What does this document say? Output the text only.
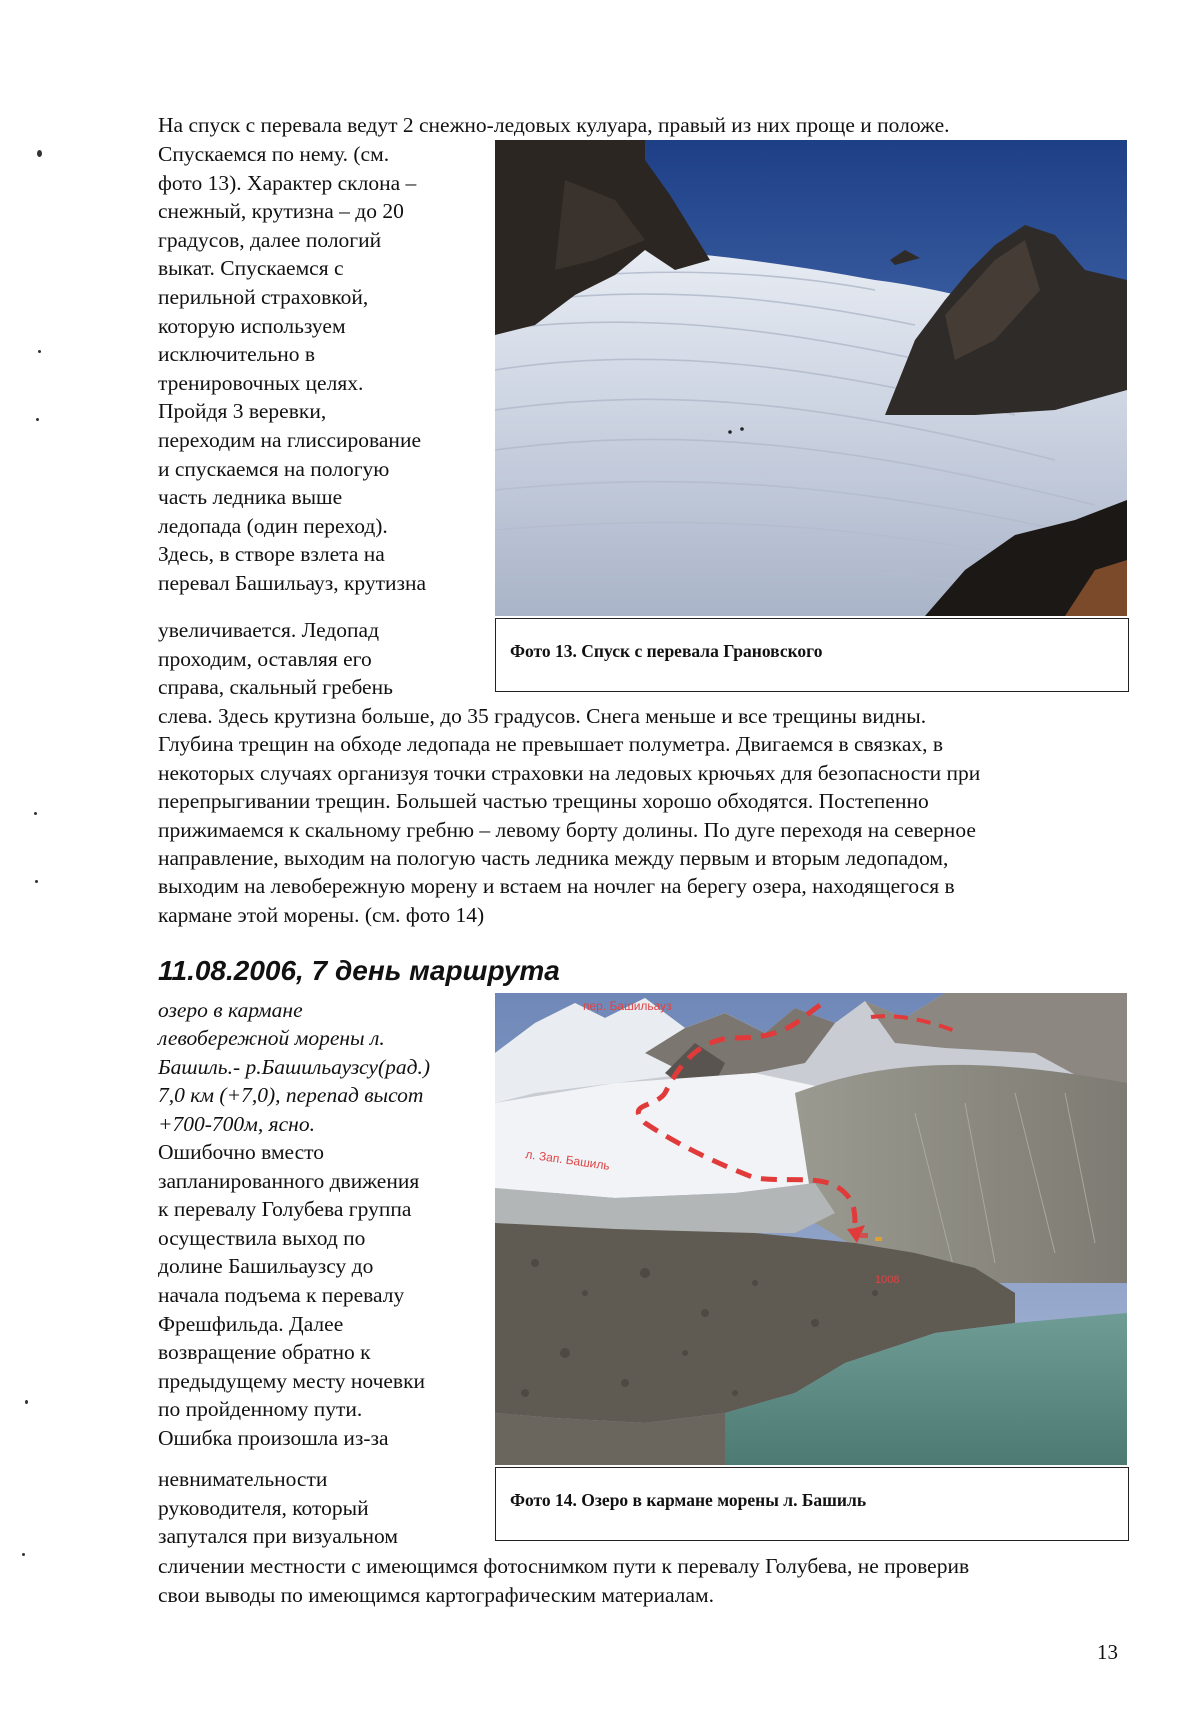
На спуск с перевала ведут 2 снежно-ледовых кулуара, правый из них проще и положе.
Спускаемся по нему. (см.
фото 13). Характер склона –
снежный, крутизна – до 20
градусов, далее пологий
выкат. Спускаемся с
перильной страховкой,
которую используем
исключительно в
тренировочных целях.
Пройдя 3 веревки,
переходим на глиссирование
и спускаемся на пологую
часть ледника выше
ледопада (один переход).
Здесь, в створе взлета на
перевал Башильауз, крутизна
Фото 13. Спуск с перевала Грановского
увеличивается. Ледопад
проходим, оставляя его
справа, скальный гребень
слева. Здесь крутизна больше, до 35 градусов. Снега меньше и все трещины видны.
Глубина трещин на обходе ледопада не превышает полуметра. Двигаемся в связках, в
некоторых случаях организуя точки страховки на ледовых крючьях для безопасности при
перепрыгивании трещин. Большей частью трещины хорошо обходятся. Постепенно
прижимаемся к скальному гребню – левому борту долины. По дуге переходя на северное
направление, выходим на пологую часть ледника между первым и вторым ледопадом,
выходим на левобережную морену и встаем на ночлег на берегу озера, находящегося в
кармане этой морены. (см. фото 14)
11.08.2006, 7 день маршрута
озеро в кармане
левобережной морены л.
Башиль.- р.Башильаузсу(рад.)
7,0 км (+7,0), перепад высот
+700-700м, ясно.
Ошибочно вместо
запланированного движения
к перевалу Голубева группа
осуществила выход по
долине Башильаузсу до
начала подъема к перевалу
Фрешфильда. Далее
возвращение обратно к
предыдущему месту ночевки
по пройденному пути.
Ошибка произошла из-за
пер. Башильауз
л. Зап. Башиль
1008
Фото 14. Озеро в кармане морены л. Башиль
невнимательности
руководителя, который
запутался при визуальном
сличении местности с имеющимся фотоснимком пути к перевалу Голубева, не проверив
свои выводы по имеющимся картографическим материалам.
13
